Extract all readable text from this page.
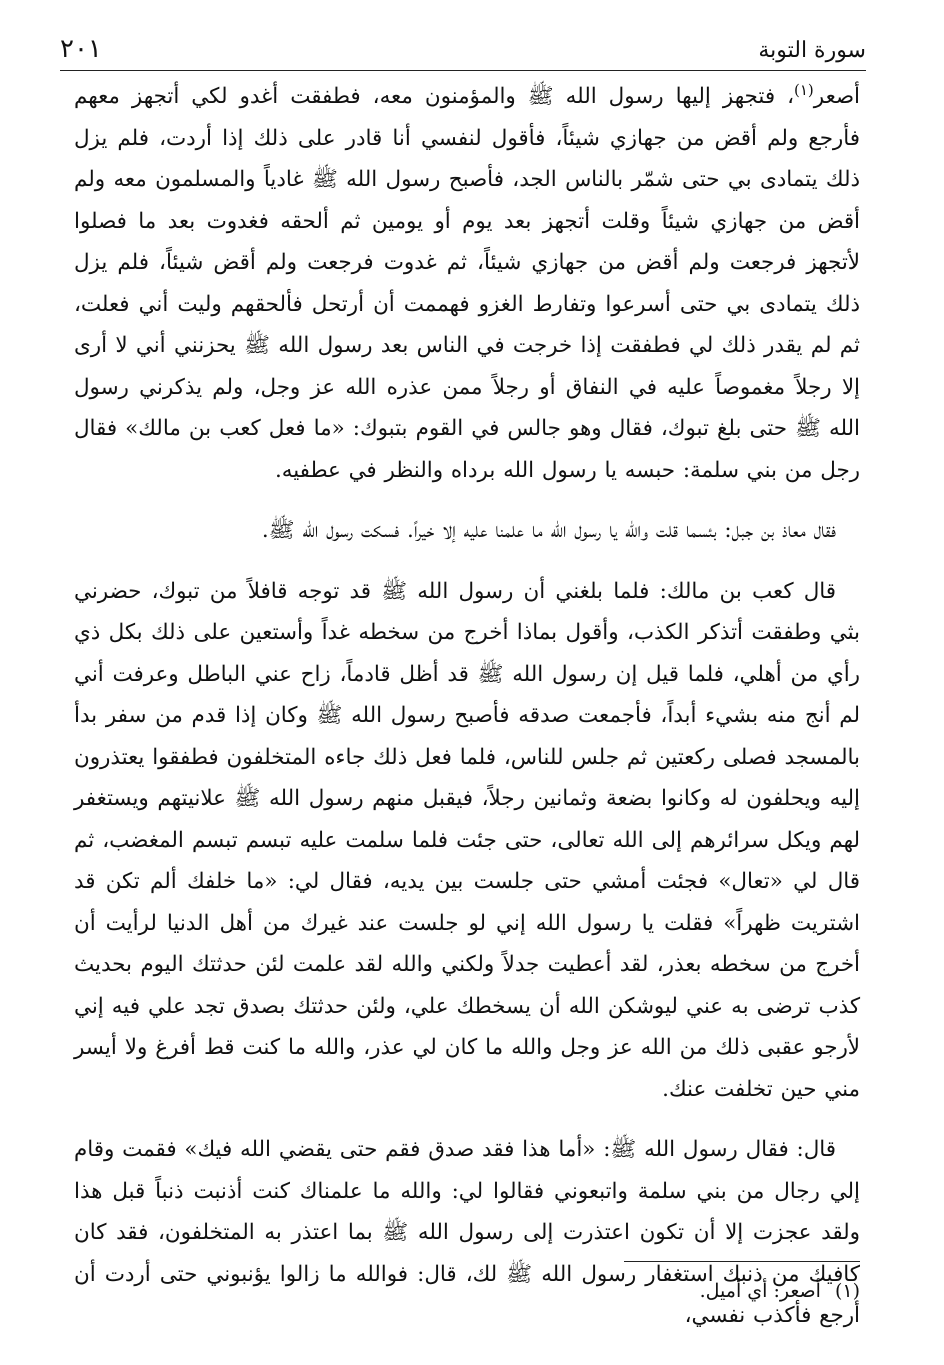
سورة التوبة
٢٠١

أصعر$^{(١)}$، فتجهز إليها رسول الله ﷺ والمؤمنون معه، فطفقت أغدو لكي أتجهز معهم فأرجع ولم أقض من جهازي شيئاً، فأقول لنفسي أنا قادر على ذلك إذا أردت، فلم يزل ذلك يتمادى بي حتى شمّر بالناس الجد، فأصبح رسول الله ﷺ غادياً والمسلمون معه ولم أقض من جهازي شيئاً وقلت أتجهز بعد يوم أو يومين ثم ألحقه فغدوت بعد ما فصلوا لأتجهز فرجعت ولم أقض من جهازي شيئاً، ثم غدوت فرجعت ولم أقض شيئاً، فلم يزل ذلك يتمادى بي حتى أسرعوا وتفارط الغزو فهممت أن أرتحل فألحقهم وليت أني فعلت، ثم لم يقدر ذلك لي فطفقت إذا خرجت في الناس بعد رسول الله ﷺ يحزنني أني لا أرى إلا رجلاً مغموصاً عليه في النفاق أو رجلاً ممن عذره الله عز وجل، ولم يذكرني رسول الله ﷺ حتى بلغ تبوك، فقال وهو جالس في القوم بتبوك: «ما فعل كعب بن مالك» فقال رجل من بني سلمة: حبسه يا رسول الله برداه والنظر في عطفيه.

فقال معاذ بن جبل: بئسما قلت والله يا رسول الله ما علمنا عليه إلا خيراً. فسكت رسول الله ﷺ.

قال كعب بن مالك: فلما بلغني أن رسول الله ﷺ قد توجه قافلاً من تبوك، حضرني بثي وطفقت أتذكر الكذب، وأقول بماذا أخرج من سخطه غداً وأستعين على ذلك بكل ذي رأي من أهلي، فلما قيل إن رسول الله ﷺ قد أظل قادماً، زاح عني الباطل وعرفت أني لم أنج منه بشيء أبداً، فأجمعت صدقه فأصبح رسول الله ﷺ وكان إذا قدم من سفر بدأ بالمسجد فصلى ركعتين ثم جلس للناس، فلما فعل ذلك جاءه المتخلفون فطفقوا يعتذرون إليه ويحلفون له وكانوا بضعة وثمانين رجلاً، فيقبل منهم رسول الله ﷺ علانيتهم ويستغفر لهم ويكل سرائرهم إلى الله تعالى، حتى جئت فلما سلمت عليه تبسم تبسم المغضب، ثم قال لي «تعال» فجئت أمشي حتى جلست بين يديه، فقال لي: «ما خلفك ألم تكن قد اشتريت ظهراً» فقلت يا رسول الله إني لو جلست عند غيرك من أهل الدنيا لرأيت أن أخرج من سخطه بعذر، لقد أعطيت جدلاً ولكني والله لقد علمت لئن حدثتك اليوم بحديث كذب ترضى به عني ليوشكن الله أن يسخطك علي، ولئن حدثتك بصدق تجد علي فيه إني لأرجو عقبى ذلك من الله عز وجل والله ما كان لي عذر، والله ما كنت قط أفرغ ولا أيسر مني حين تخلفت عنك.

قال: فقال رسول الله ﷺ: «أما هذا فقد صدق فقم حتى يقضي الله فيك» فقمت وقام إلي رجال من بني سلمة واتبعوني فقالوا لي: والله ما علمناك كنت أذنبت ذنباً قبل هذا ولقد عجزت إلا أن تكون اعتذرت إلى رسول الله ﷺ بما اعتذر به المتخلفون، فقد كان كافيك من ذنبك استغفار رسول الله ﷺ لك، قال: فوالله ما زالوا يؤنبوني حتى أردت أن أرجع فأكذب نفسي،

(١)أصعر: أي أميل.
